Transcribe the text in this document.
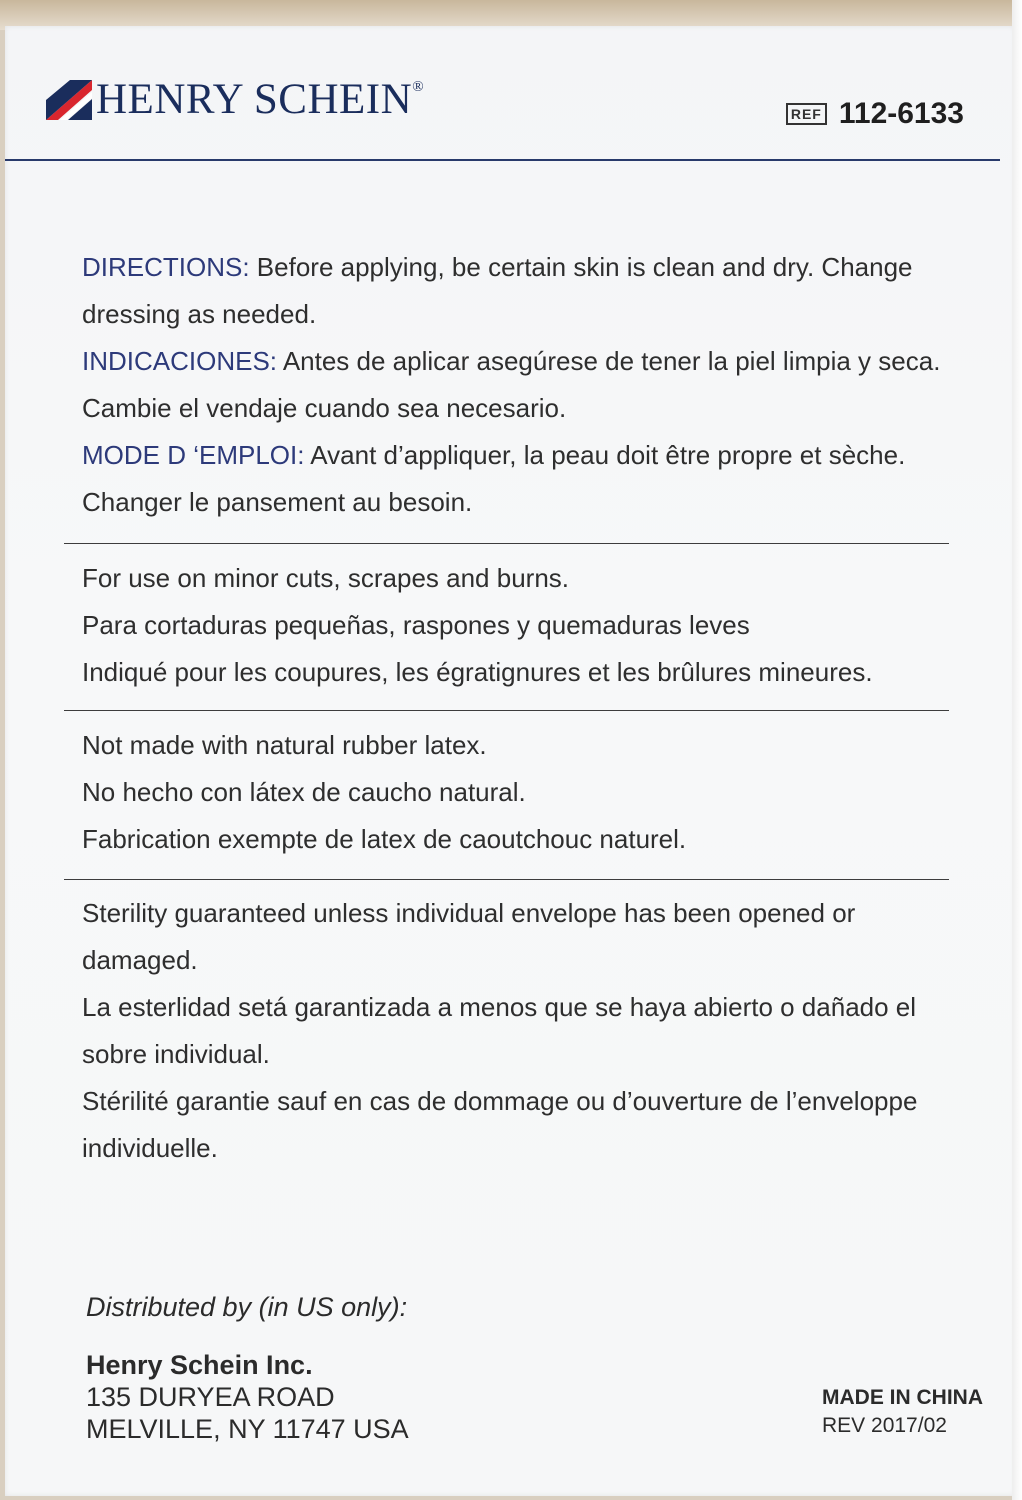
HENRY SCHEIN®
REF 112-6133
DIRECTIONS: Before applying, be certain skin is clean and dry. Change
dressing as needed.
INDICACIONES: Antes de aplicar asegúrese de tener la piel limpia y seca.
Cambie el vendaje cuando sea necesario.
MODE D ‘EMPLOI: Avant d’appliquer, la peau doit être propre et sèche.
Changer le pansement au besoin.
For use on minor cuts, scrapes and burns.
Para cortaduras pequeñas, raspones y quemaduras leves
Indiqué pour les coupures, les égratignures et les brûlures mineures.
Not made with natural rubber latex.
No hecho con látex de caucho natural.
Fabrication exempte de latex de caoutchouc naturel.
Sterility guaranteed unless individual envelope has been opened or
damaged.
La esterlidad setá garantizada a menos que se haya abierto o dañado el
sobre individual.
Stérilité garantie sauf en cas de dommage ou d’ouverture de l’enveloppe
individuelle.
Distributed by (in US only):
Henry Schein Inc.
135 DURYEA ROAD
MELVILLE, NY 11747 USA
MADE IN CHINA
REV 2017/02
